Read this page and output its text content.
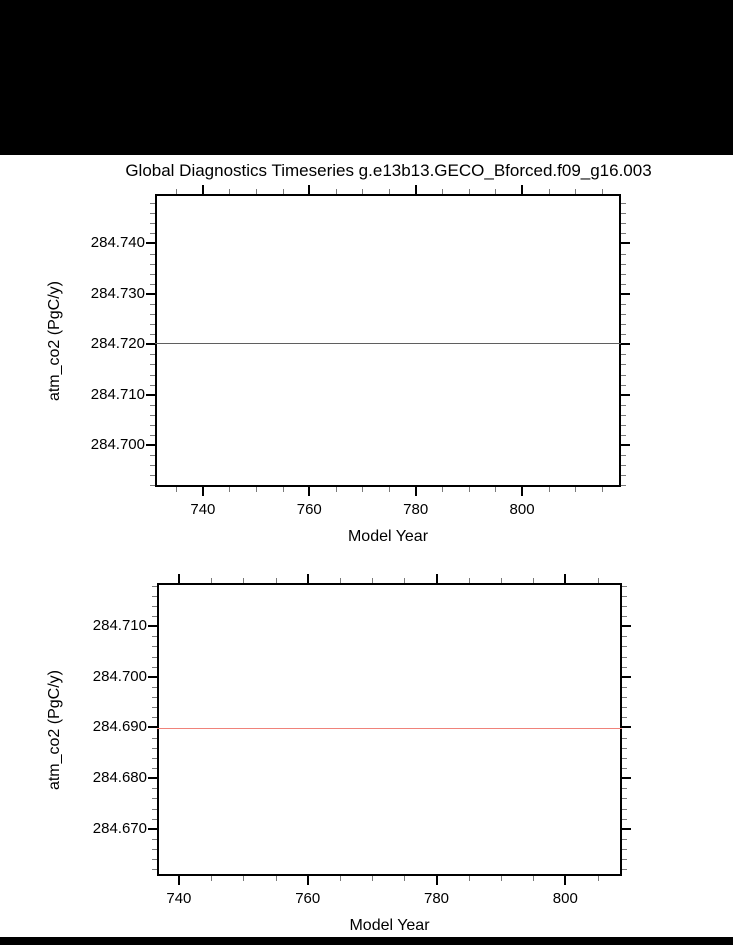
Global Diagnostics Timeseries g.e13b13.GECO_Bforced.f09_g16.003
atm_co2 (PgC/y)
Model Year
740	760	780	800
284.700
284.710
284.720
284.730
284.740
atm_co2 (PgC/y)
Model Year
740	760	780	800
284.670
284.680
284.690
284.700
284.710
